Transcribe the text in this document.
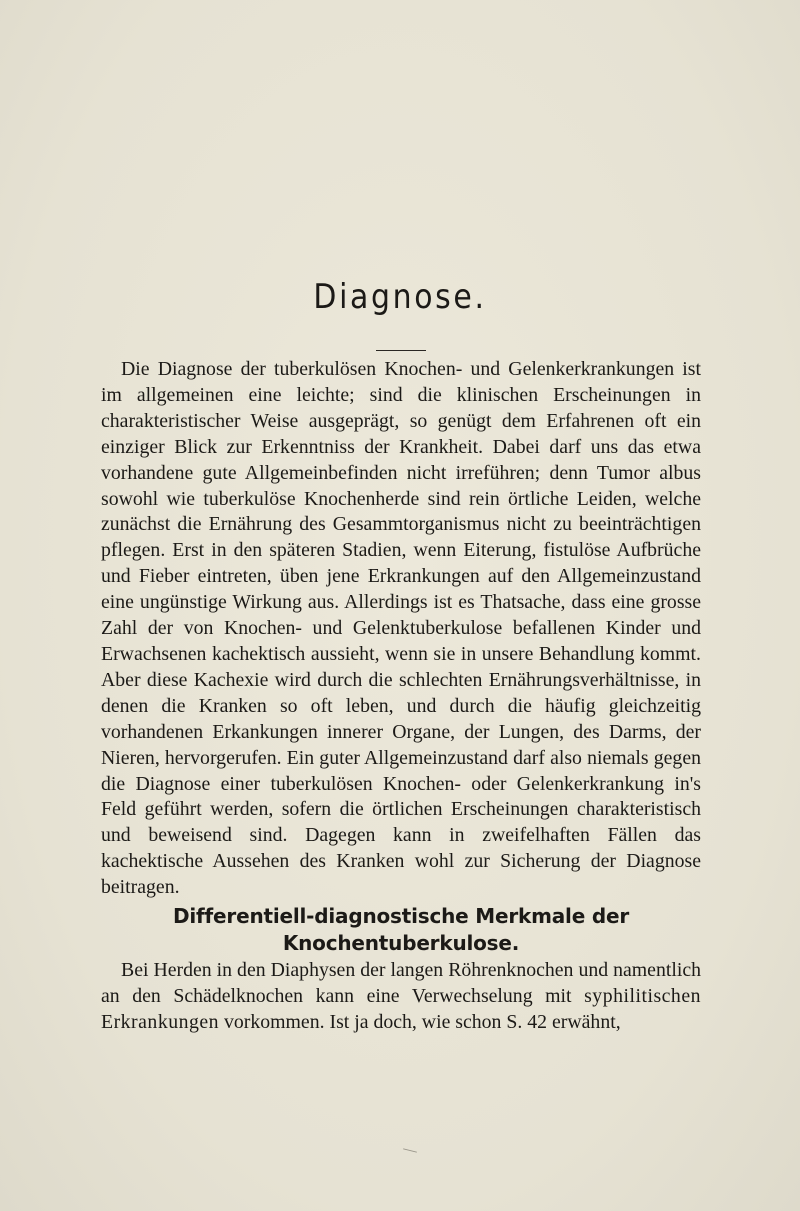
Diagnose.

Die Diagnose der tuberkulösen Knochen- und Gelenkerkrankungen ist im allgemeinen eine leichte; sind die klinischen Erscheinungen in charakteristischer Weise ausgeprägt, so genügt dem Erfahrenen oft ein einziger Blick zur Erkenntniss der Krankheit. Dabei darf uns das etwa vorhandene gute Allgemeinbefinden nicht irreführen; denn Tumor albus sowohl wie tuberkulöse Knochenherde sind rein örtliche Leiden, welche zunächst die Ernährung des Gesammtorganismus nicht zu beeinträchtigen pflegen. Erst in den späteren Stadien, wenn Eiterung, fistulöse Aufbrüche und Fieber eintreten, üben jene Erkrankungen auf den Allgemeinzustand eine ungünstige Wirkung aus. Allerdings ist es Thatsache, dass eine grosse Zahl der von Knochen- und Gelenktuberkulose befallenen Kinder und Erwachsenen kachektisch aussieht, wenn sie in unsere Behandlung kommt. Aber diese Kachexie wird durch die schlechten Ernährungsverhältnisse, in denen die Kranken so oft leben, und durch die häufig gleichzeitig vorhandenen Erkankungen innerer Organe, der Lungen, des Darms, der Nieren, hervorgerufen. Ein guter Allgemeinzustand darf also niemals gegen die Diagnose einer tuberkulösen Knochen- oder Gelenkerkrankung in's Feld geführt werden, sofern die örtlichen Erscheinungen charakteristisch und beweisend sind. Dagegen kann in zweifelhaften Fällen das kachektische Aussehen des Kranken wohl zur Sicherung der Diagnose beitragen.

Differentiell-diagnostische Merkmale der Knochentuberkulose.

Bei Herden in den Diaphysen der langen Röhrenknochen und namentlich an den Schädelknochen kann eine Verwechselung mit syphilitischen Erkrankungen vorkommen. Ist ja doch, wie schon S. 42 erwähnt,
